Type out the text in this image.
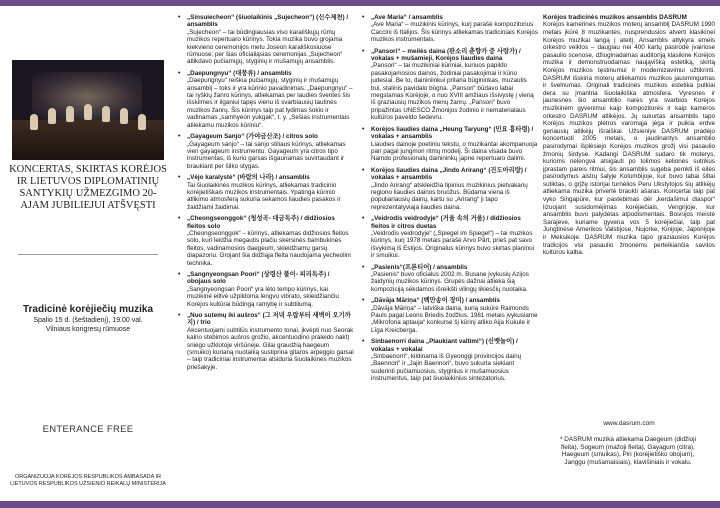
KONCERTAS, SKIRTAS KORĖJOS IR LIETUVOS DIPLOMATINIŲ SANTYKIŲ UŽMEZGIMO 20-AJAM JUBILIEJUI ATŠVĘSTI
Tradicinė korėjiečių muzika
Spalio 15 d. (šeštadienį), 19.00 val.
Vilniaus kongresų rūmuose
ENTERANCE FREE
ORGANIZUOJA KORĖJOS RESPUBLIKOS AMBASADA IR LIETUVOS RESPUBLIKOS UŽSIENIO REIKALŲ MINISTERIJA
• „Sinsuiecheon“ (šiuolaikinis „Sujecheon“) (신수제천) / ansamblis
„Sujecheon“ – tai būdingiausias viso karališkųjų rūmų muzikos repertuaro kūrinys. Tokia muzika buvo grojama kiekvieno ceremonijos metu Joseon karališkosiuose rūmuose; per šias oficialiąsias ceremonijas „Sujecheon“ atlikdavo pučiamųjų, styginių ir mušamųjų ansamblis.
• „Daepungnyu“ (대풍류) / ansamblis
„Daepungnyu“ reiškia pučiamųjų, styginių ir mušamųjų ansamblį – toks ir yra kūrinio pavadinimas. „Daepungnyu“ – tai ryškių žanro kūrinys, atliekamas per laudies šventes šis išskilmes ir ilganiui tapęs vienu iš svarbiausių tautinės muzikos žanrų. Šis kūrinys taip pat lydimas šokio ir vadinamas „samhyeon yukgak“, t. y. „Sešias instrumentais atliekamu muzikos kūriniu“.
• „Gayageum Sanjo“ (가야금산조) / citros solo
„Gayageum sanjo“ – tai sanjo stiliaus kūrinys, atliekamas vien gayageum instrumentu. Gayageum yra citros tipo instrumentas, iš kurio garsas išgaunamas suvirtaudant ir braukiant per šilko stygas.
• „Vėjo karalystė“ (바람의 나라) / ansamblis
Tai šiuolaikinės muzikos kūrinys, atliekamas tradicinio korėjietiškais muzikos instrumentais. Ypatinga kūrinio atlikimo atmosferą sukuria sekamos liaudies pasakos ir žaidžiami žaidimai.
• „Cheongseonggok“ (청성곡- 대금독주) / didžiosios fleitos solo
„Cheongseonggok“ – kūrinys, atliekamas didžiosios fleitos solo, kuri leidžia megautis plačiu skersinės bambukinės fleitos, vadinamosios daegeum, skleidžiamų garsų diapazonu. Grojant šia didžiąja fleita naudojama yecheolini technika.
• „Sangnyeongsan Poori“ (상령산 풀이- 피리독주) / obojaus solo
„Sangnyeongsan Poori“ yra lėto tempo kūrinys, kai muzikinė eiltvė užpildoma lengvu vibrato, skleidžiančiu Korėjos kultūrai būdingą ramybę ir subtilumą.
• „Nuo sutemų iki aušros“ (그 저녁 우랍부터 새벽이 오기까지) / trio
Akcentuojami subtilūs instrumento tonai, įkvėpti nuo Seorak kalno stebimos aušros grožio, akcentuodino praleido nakt) sniego užklotoje viršūnėje. Gilai graudžią haegeum (smuiko) kurianą nuotaiką sustiprina gitaros arpeggio garsai – taip tradiciniai instrumentai atsiduria šiuolaikinės muzikos priešakyje.
• „Ave Maria“ / ansamblis
„Ave Maria“ – muzikinis kūrinys, kurį parašė kompozitorius Caccini iš Italijos. Šis kūrinys atliekamas tradiciniais Korėjos muzikos instrumentais.
• „Pansori“ – meilės daina (판소리 춘향가 중 사랑가) / vokalas + mušamieji, Korėjos liaudies daina
„Pansori“ – tai muzikiniai kūriniai, kuriuos papildo pasakojamosios dainos, žodiniai pasakojimai ir kūno judesiai. Be to, daininiinkui pritaria būgininkas, muzautis bui, stalinis pavidalo būgna. „Pansori“ būdavo labai megstamas Korėjoje, o nuo XVIII amžiaus išsivystę į vieną iš graziausių muzikos menų žanrų. „Pansori“ buvo pripažintas UNESCO Žmonijos žodinio ir nematerialaus kultūros paveldo šedevru.
• Korėjos liaudies daina „Heung Taryung“ (민요 흥타령) / vokalas + ansamblis
Liaudies dainoje poetiniu tekstu, o muzikantai akompanuoja pan pagal jungmori ritmų modelį. Ši daina visada buvo Namdo profesionalų dainininkų japne repertuaro dalimi.
• Korėjos liaudies daina „Jindo Arirang“ (진도아리랑) / vokalas + ansamblis
„Jindo Arirang“ atskleidžia tipinius muzikinius pietvakarių regiono liaudies dainos bruožus. Būdama viena iš populiariausių dainų, kartu su „Arirang“ ji tapo reprezentatyviaja liaudies daina.
• „Veidrodis veidrodyje“ (거울 속의 거울) / didžiosios fleitos ir citros duetas
„Veidrodis veidrodyje“ („Spiegel im Spiegel“) – tai muzikos kūrinys, kurį 1978 metais parašė Arvo Pärt, prieš pat savo išvykimą iš Estijos. Originalus kūrinys buvo skirtas pianinui ir smuikui.
• „Pasienis“(프론티어) / ansamblis
„Pasienis“ buvo oficialus 2002 m. Busane įvykusių Azijos žaidynių muzikos kūrinys. Grupės dažnai atlieka šią kompoziciją sėkdamos išreikšti vilingų likiesčių nuotaika.
• „Dāvāja Māriņa“ (백만송이 장미) / ansamblis
„Dāvāja Māriņa“ – latviška daina, kurią sukūrė Raimonds Pauls pagal Leons Briedis žodžius. 1981 metais įvykusiame „Mikrofona aptauja“ konkurse šį kūrinį atliko Aija Kukule ir Līga Kreicberga.
• Sinbaenorri daina „Plaukiant valtimi“) (신뱃놀이) / vokalas + vokalai
„Sinbaenorri“, kildinama iš Gyeonggi provincijos dainų „Baennori“ ir „Jajin Baennori“, buvo sukurta siekiant suderinti pučiamuosius, styginius ir mušamuosius instrumentus, taip pat šiuolaikinius sintezatorius.
Korėjos tradicinės muzikos ansamblis DASRUM
Korėjos kamerinės muzikos moterų ansamblį DASRUM 1990 metais įkūrė 8 muzikantės, nusprendusios atverti klasikinei Korėjos muzikai langą į ateitį. Ansamblis atlykyra emeis orkestro veiklos – daugiau nei 400 kartų pasirodė įvairiose pasaulio scenose, džiuginadamas auditoriją klasikine Korėjos muzika ir demonstruodamas naująvišką estetiką, skirtą Korėjos muzikos tęstinumui ir modernizavimui užtikrinti. DASRUM išskiria moterų atliekamos muzikos jausmingumas ir švelnumas. Originali tradicinės muzikos estetika pulkiai dera su įmantria šiuolaikiška atmosfera. Vyresnės ir jaunesnės šio ansamblio narės yra svarbios Korėjos muzikinėm gyvenimui kaip kompozitorės ir kaip kameros orkestro DASRUM atlikėjos. Jų sukurtas ansamblis tapo Korėjos muzikos plėtros varomąja jėga ir puikia erdve geriausių atlikėjų išraiškai. Užsieniye DASRUM pradėjo koncertuoti 2005 metais, o jaudinantys ansamblio pasirodymai išplėsiejo Korėjos muzikos grožį visi pasaulio žmonių širdyse. Kadangi DASRUM sudaro tik moterys, kurioms nelengva atsigauti po tolimos kelionės sutrikus įprastam pareis ritmui, šis ansamblis sugeba pernkti iš eilės pasirodymus aistrų šalyje Kolumbijoje, kur buvo labai šiltai sutiktas, o grįžę istorijai turnėlios Peru Ukstytojos šių atlikėjų atliekama muzika privertė braukti ašaras. Koncertai taip pat vyko Singapūre, kur pastebimas dėl „kerdašimui diaspor“ lizuojant susidomėjimas korėjiečiais, Vengrijoje, kur ansamblis buvo palydėtas atpodismentais. Bosnijos meistė Sarajeve, kuriame gyvena vos 5 korėjiečiai, taip pat Jungtinėse Amerikos Valstijose, Nujorke, Kinijoje, Japonijoje ir Meksikoje. DASRUM muzika tapo graziausios Korėjos tradicijos visi pasaulio žmonėms perteikiančia savitos kultūros kalba.
www.dasrum.com
* DASRUM muzika atliekama Daegeum (didžioji fleita), Sogeum (mažoji fleita), Gayagum (citra), Haegeum (smuikas), Piri (korėjietiško obojum), Janggu (mušamaisiais), klavišiniais ir vokalu.
